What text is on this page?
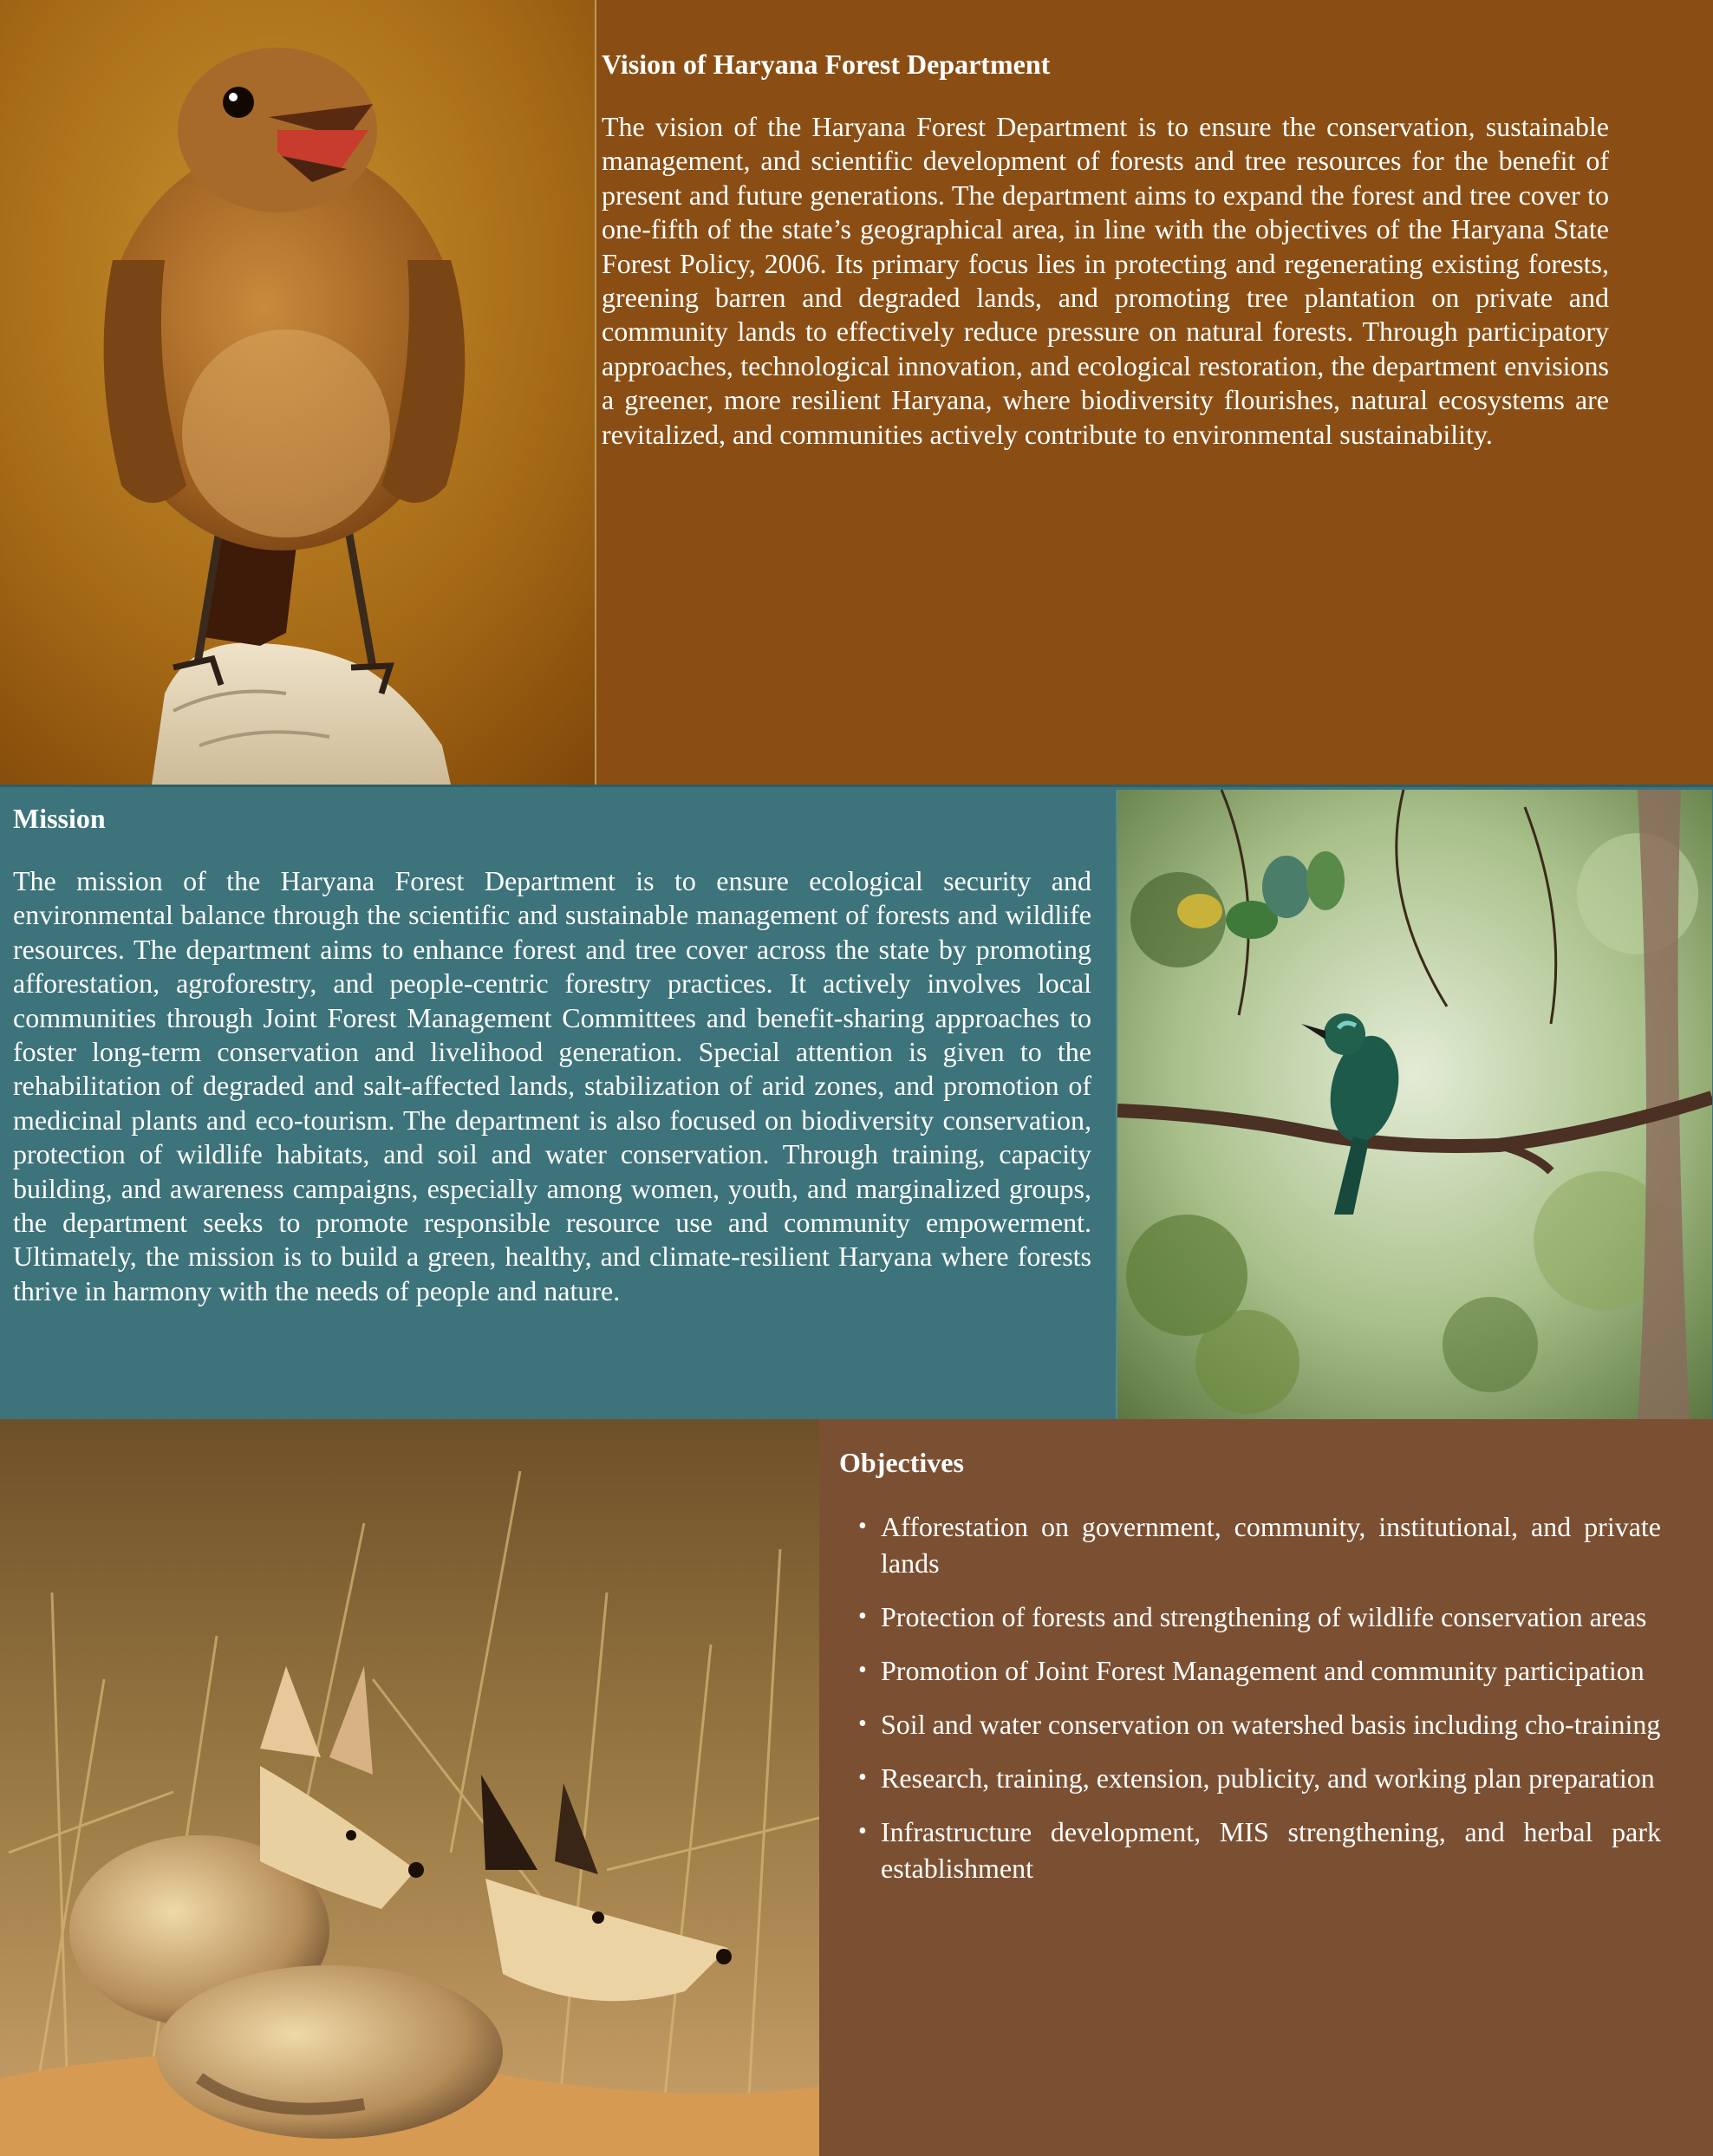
Vision of Haryana Forest Department

The vision of the Haryana Forest Department is to ensure the conservation, sustainable management, and scientific development of forests and tree resources for the benefit of present and future generations. The department aims to expand the forest and tree cover to one-fifth of the state’s geographical area, in line with the objectives of the Haryana State Forest Policy, 2006. Its primary focus lies in protecting and regenerating existing forests, greening barren and degraded lands, and promoting tree plantation on private and community lands to effectively reduce pressure on natural forests. Through participatory approaches, technological innovation, and ecological restoration, the department envisions a greener, more resilient Haryana, where biodiversity flourishes, natural ecosystems are revitalized, and communities actively contribute to environmental sustainability.

Mission

The mission of the Haryana Forest Department is to ensure ecological security and environmental balance through the scientific and sustainable management of forests and wildlife resources. The department aims to enhance forest and tree cover across the state by promoting afforestation, agroforestry, and people-centric forestry practices. It actively involves local communities through Joint Forest Management Committees and benefit-sharing approaches to foster long-term conservation and livelihood generation. Special attention is given to the rehabilitation of degraded and salt-affected lands, stabilization of arid zones, and promotion of medicinal plants and eco-tourism. The department is also focused on biodiversity conservation, protection of wildlife habitats, and soil and water conservation. Through training, capacity building, and awareness campaigns, especially among women, youth, and marginalized groups, the department seeks to promote responsible resource use and community empowerment. Ultimately, the mission is to build a green, healthy, and climate-resilient Haryana where forests thrive in harmony with the needs of people and nature.

Objectives
• Afforestation on government, community, institutional, and private lands
• Protection of forests and strengthening of wildlife conservation areas
• Promotion of Joint Forest Management and community participation
• Soil and water conservation on watershed basis including cho-training
• Research, training, extension, publicity, and working plan preparation
• Infrastructure development, MIS strengthening, and herbal park establishment
